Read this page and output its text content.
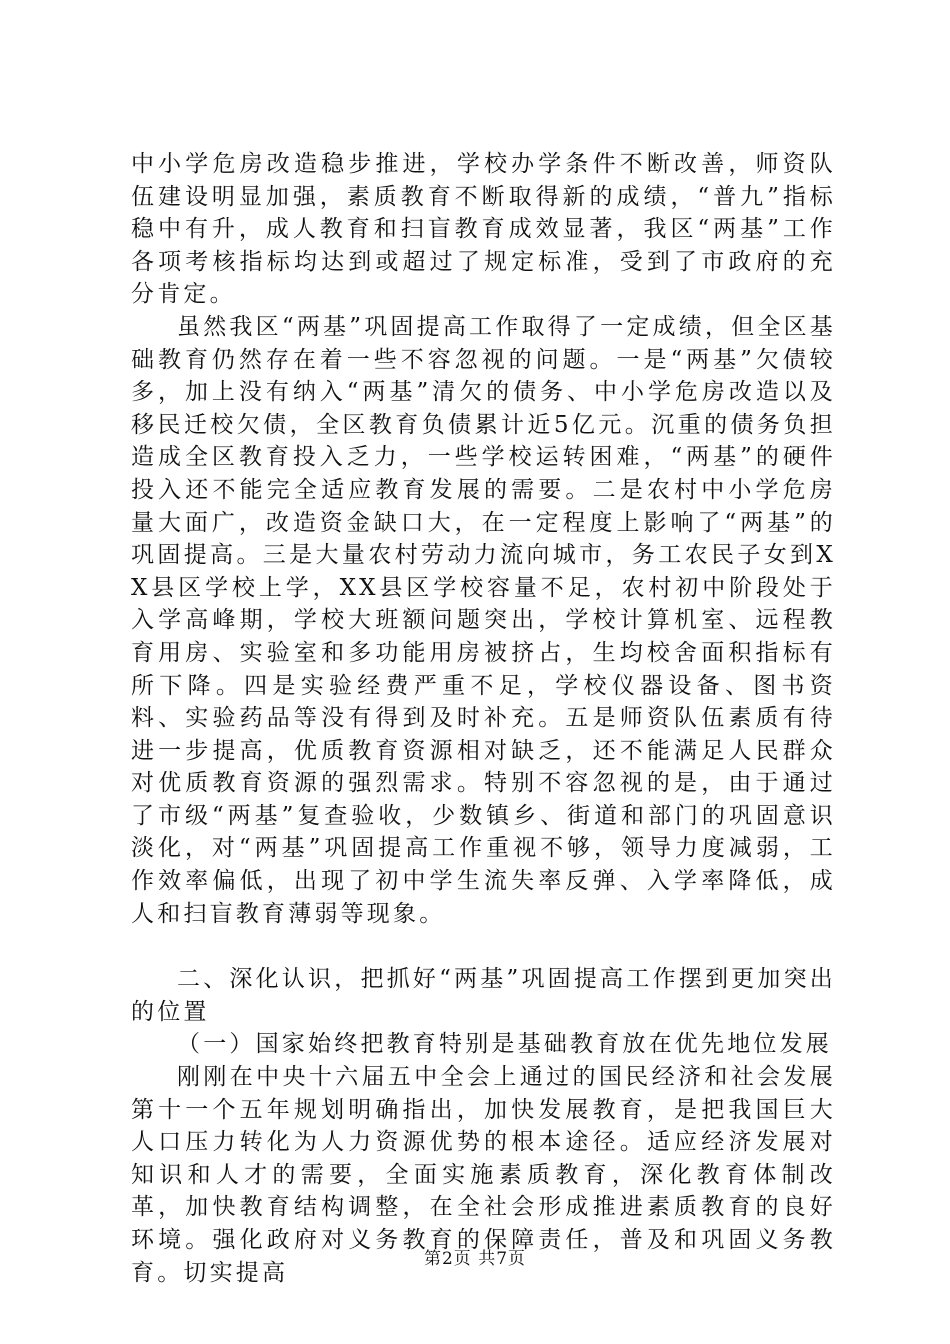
中小学危房改造稳步推进，学校办学条件不断改善，师资队伍建设明显加强，素质教育不断取得新的成绩，“普九”指标稳中有升，成人教育和扫盲教育成效显著，我区“两基”工作各项考核指标均达到或超过了规定标准，受到了市政府的充分肯定。

虽然我区“两基”巩固提高工作取得了一定成绩，但全区基础教育仍然存在着一些不容忽视的问题。一是“两基”欠债较多，加上没有纳入“两基”清欠的债务、中小学危房改造以及移民迁校欠债，全区教育负债累计近5亿元。沉重的债务负担造成全区教育投入乏力，一些学校运转困难，“两基”的硬件投入还不能完全适应教育发展的需要。二是农村中小学危房量大面广，改造资金缺口大，在一定程度上影响了“两基”的巩固提高。三是大量农村劳动力流向城市，务工农民子女到XX县区学校上学，XX县区学校容量不足，农村初中阶段处于入学高峰期，学校大班额问题突出，学校计算机室、远程教育用房、实验室和多功能用房被挤占，生均校舍面积指标有所下降。四是实验经费严重不足，学校仪器设备、图书资料、实验药品等没有得到及时补充。五是师资队伍素质有待进一步提高，优质教育资源相对缺乏，还不能满足人民群众对优质教育资源的强烈需求。特别不容忽视的是，由于通过了市级“两基”复查验收，少数镇乡、街道和部门的巩固意识淡化，对“两基”巩固提高工作重视不够，领导力度减弱，工作效率偏低，出现了初中学生流失率反弹、入学率降低，成人和扫盲教育薄弱等现象。

二、深化认识，把抓好“两基”巩固提高工作摆到更加突出的位置

（一）国家始终把教育特别是基础教育放在优先地位发展

刚刚在中央十六届五中全会上通过的国民经济和社会发展第十一个五年规划明确指出，加快发展教育，是把我国巨大人口压力转化为人力资源优势的根本途径。适应经济发展对知识和人才的需要，全面实施素质教育，深化教育体制改革，加快教育结构调整，在全社会形成推进素质教育的良好环境。强化政府对义务教育的保障责任，普及和巩固义务教育。切实提高

第2页 共7页
